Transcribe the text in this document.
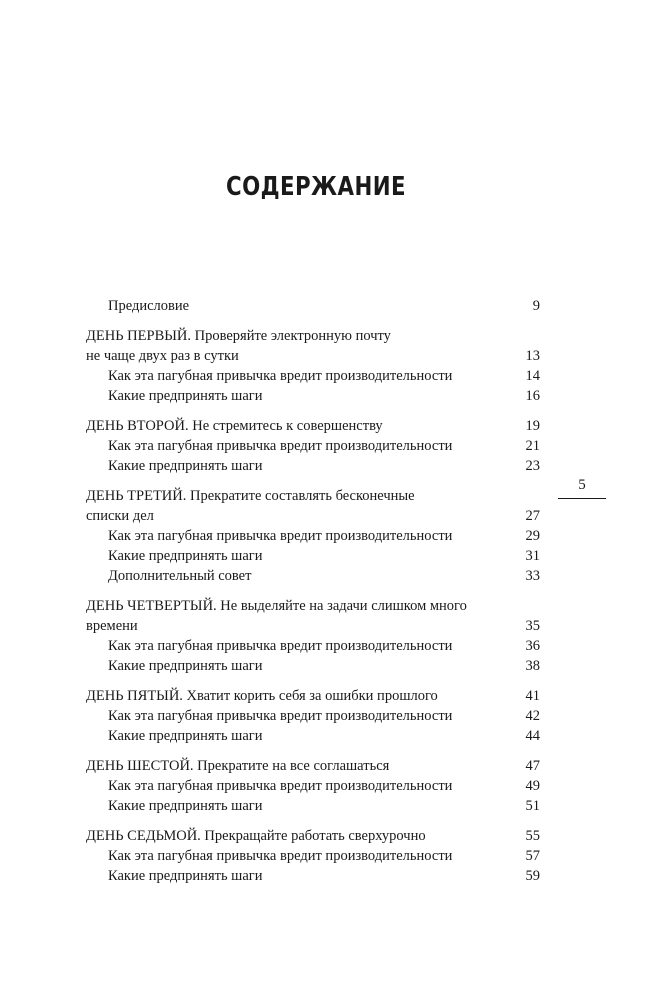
СОДЕРЖАНИЕ
Предисловие	9
ДЕНЬ ПЕРВЫЙ. Проверяйте электронную почту
не чаще двух раз в сутки	13
Как эта пагубная привычка вредит производительности	14
Какие предпринять шаги	16
ДЕНЬ ВТОРОЙ. Не стремитесь к совершенству	19
Как эта пагубная привычка вредит производительности	21
Какие предпринять шаги	23
ДЕНЬ ТРЕТИЙ. Прекратите составлять бесконечные
списки дел	27
Как эта пагубная привычка вредит производительности	29
Какие предпринять шаги	31
Дополнительный совет	33
ДЕНЬ ЧЕТВЕРТЫЙ. Не выделяйте на задачи слишком много
времени	35
Как эта пагубная привычка вредит производительности	36
Какие предпринять шаги	38
ДЕНЬ ПЯТЫЙ. Хватит корить себя за ошибки прошлого	41
Как эта пагубная привычка вредит производительности	42
Какие предпринять шаги	44
ДЕНЬ ШЕСТОЙ. Прекратите на все соглашаться	47
Как эта пагубная привычка вредит производительности	49
Какие предпринять шаги	51
ДЕНЬ СЕДЬМОЙ. Прекращайте работать сверхурочно	55
Как эта пагубная привычка вредит производительности	57
Какие предпринять шаги	59
5
